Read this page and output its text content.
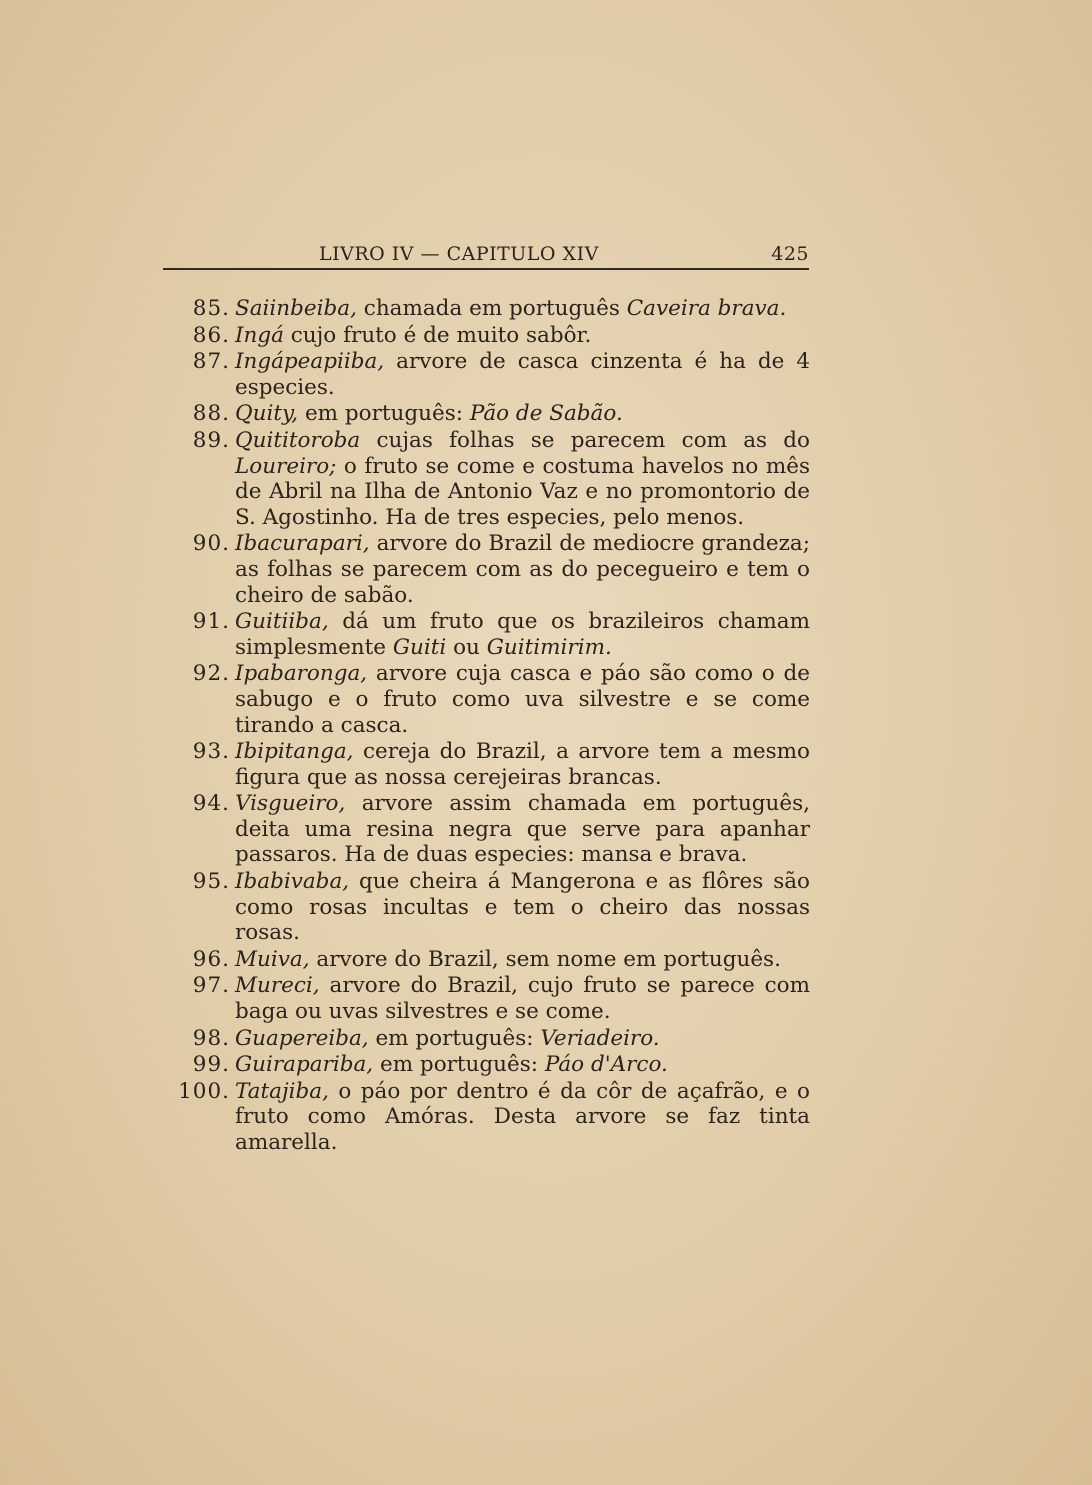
LIVRO IV — CAPITULO XIV	425
85. Saiinbeiba, chamada em português Caveira brava.
86. Ingá cujo fruto é de muito sabôr.
87. Ingápeapiiba, arvore de casca cinzenta é ha de 4 especies.
88. Quity, em português: Pão de Sabão.
89. Quititoroba cujas folhas se parecem com as do Loureiro; o fruto se come e costuma havelos no mês de Abril na Ilha de Antonio Vaz e no promontorio de S. Agostinho. Ha de tres especies, pelo menos.
90. Ibacurapari, arvore do Brazil de mediocre grandeza; as folhas se parecem com as do pecegueiro e tem o cheiro de sabão.
91. Guitiiba, dá um fruto que os brazileiros chamam simplesmente Guiti ou Guitimirim.
92. Ipabaronga, arvore cuja casca e páo são como o de sabugo e o fruto como uva silvestre e se come tirando a casca.
93. Ibipitanga, cereja do Brazil, a arvore tem a mesmo figura que as nossa cerejeiras brancas.
94. Visgueiro, arvore assim chamada em português, deita uma resina negra que serve para apanhar passaros. Ha de duas especies: mansa e brava.
95. Ibabivaba, que cheira á Mangerona e as flôres são como rosas incultas e tem o cheiro das nossas rosas.
96. Muiva, arvore do Brazil, sem nome em português.
97. Mureci, arvore do Brazil, cujo fruto se parece com baga ou uvas silvestres e se come.
98. Guapereiba, em português: Veriadeiro.
99. Guirapariba, em português: Páo d'Arco.
100. Tatajiba, o páo por dentro é da côr de açafrão, e o fruto como Amóras. Desta arvore se faz tinta amarella.
